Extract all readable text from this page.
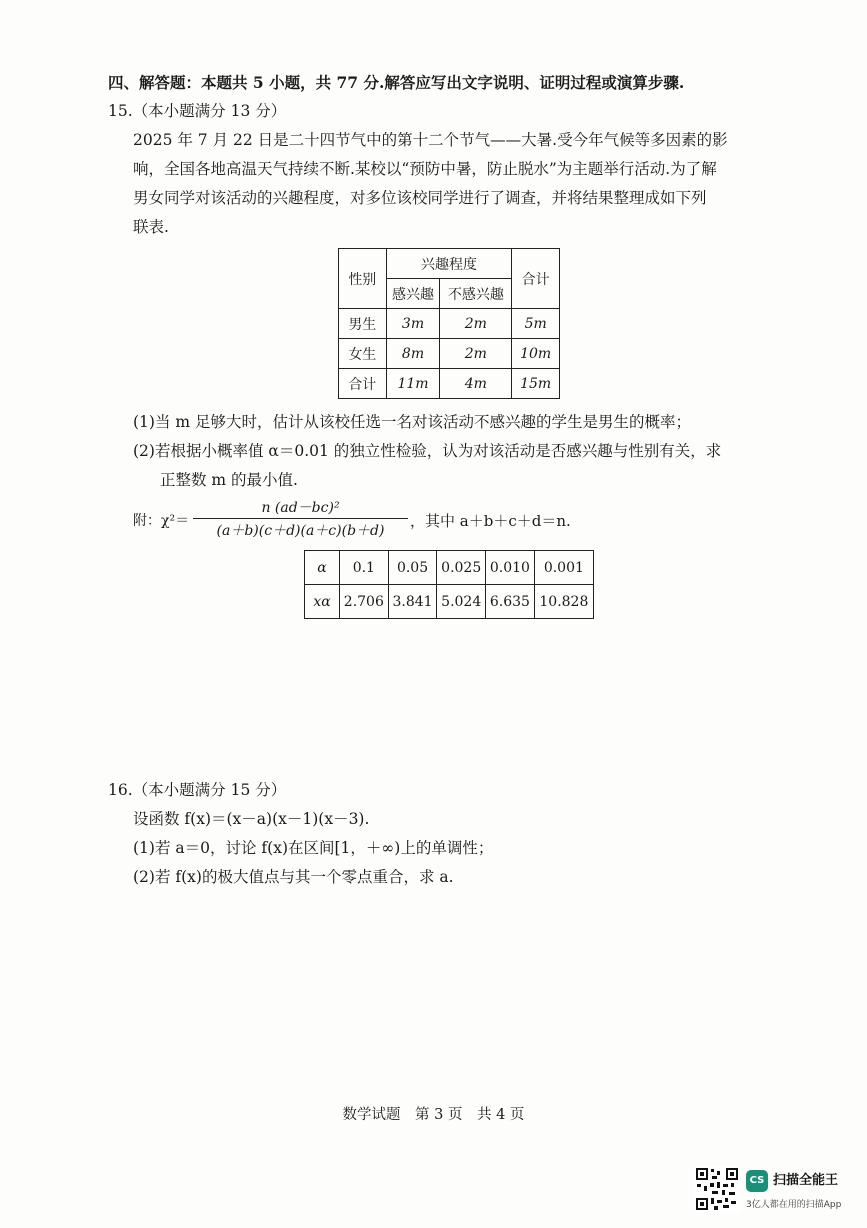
四、解答题：本题共 5 小题，共 77 分.解答应写出文字说明、证明过程或演算步骤.
15.（本小题满分 13 分）
2025 年 7 月 22 日是二十四节气中的第十二个节气——大暑.受今年气候等多因素的影
响，全国各地高温天气持续不断.某校以“预防中暑，防止脱水”为主题举行活动.为了解
男女同学对该活动的兴趣程度，对多位该校同学进行了调查，并将结果整理成如下列
联表.
性别	兴趣程度		合计
	感兴趣	不感兴趣	
男生	3m	2m	5m
女生	8m	2m	10m
合计	11m	4m	15m
(1)当 m 足够大时，估计从该校任选一名对该活动不感兴趣的学生是男生的概率；
(2)若根据小概率值 α＝0.01 的独立性检验，认为对该活动是否感兴趣与性别有关，求
正整数 m 的最小值.
附：χ²＝
n (ad－bc)²
(a＋b)(c＋d)(a＋c)(b＋d)
，其中 a＋b＋c＋d＝n.
α	0.1	0.05	0.025	0.010	0.001
xα	2.706	3.841	5.024	6.635	10.828
16.（本小题满分 15 分）
设函数 f(x)＝(x－a)(x－1)(x－3).
(1)若 a＝0，讨论 f(x)在区间[1，＋∞)上的单调性；
(2)若 f(x)的极大值点与其一个零点重合，求 a.
数学试题　第 3 页　共 4 页
CS 扫描全能王
3亿人都在用的扫描App
